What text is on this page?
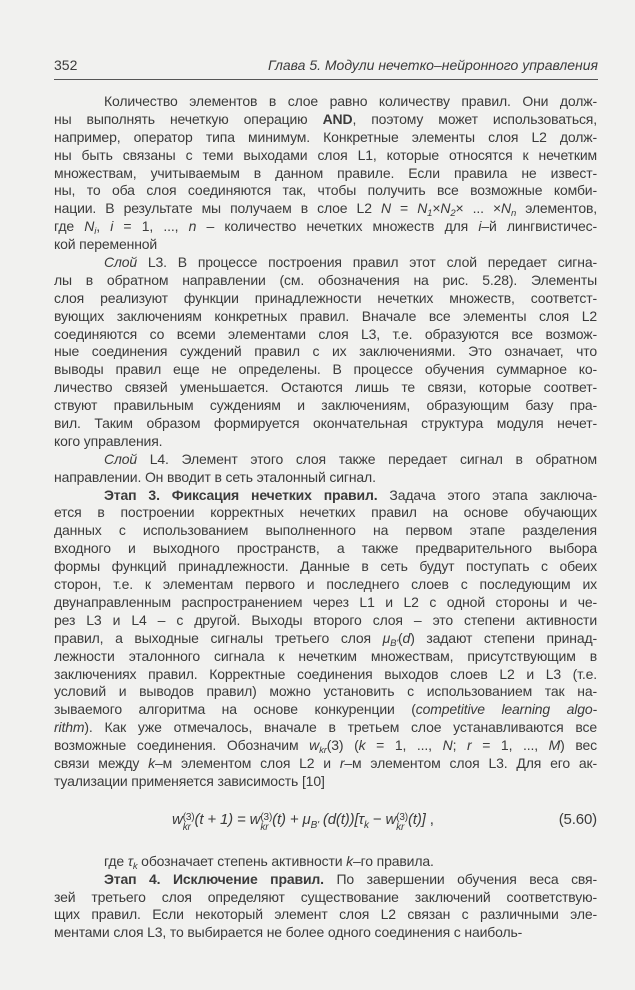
352	Глава 5. Модули нечетко–нейронного управления
Количество элементов в слое равно количеству правил. Они долж-
ны выполнять нечеткую операцию AND, поэтому может использоваться,
например, оператор типа минимум. Конкретные элементы слоя L2 долж-
ны быть связаны с теми выходами слоя L1, которые относятся к нечетким
множествам, учитываемым в данном правиле. Если правила не извест-
ны, то оба слоя соединяются так, чтобы получить все возможные комби-
нации. В результате мы получаем в слое L2 $N = N_1\times N_2\times$ ... $\times N_n$ элементов,
где $N_i$, i = 1, ..., n – количество нечетких множеств для i–й лингвистичес-
кой переменной
Слой L3. В процессе построения правил этот слой передает сигна-
лы в обратном направлении (см. обозначения на рис. 5.28). Элементы
слоя реализуют функции принадлежности нечетких множеств, соответст-
вующих заключениям конкретных правил. Вначале все элементы слоя L2
соединяются со всеми элементами слоя L3, т.е. образуются все возмож-
ные соединения суждений правил с их заключениями. Это означает, что
выводы правил еще не определены. В процессе обучения суммарное ко-
личество связей уменьшается. Остаются лишь те связи, которые соответ-
ствуют правильным суждениям и заключениям, образующим базу пра-
вил. Таким образом формируется окончательная структура модуля нечет-
кого управления.
Слой L4. Элемент этого слоя также передает сигнал в обратном
направлении. Он вводит в сеть эталонный сигнал.
Этап 3. Фиксация нечетких правил. Задача этого этапа заключа-
ется в построении корректных нечетких правил на основе обучающих
данных с использованием выполненного на первом этапе разделения
входного и выходного пространств, а также предварительного выбора
формы функций принадлежности. Данные в сеть будут поступать с обеих
сторон, т.е. к элементам первого и последнего слоев с последующим их
двунаправленным распространением через L1 и L2 с одной стороны и че-
рез L3 и L4 – с другой. Выходы второго слоя – это степени активности
правил, а выходные сигналы третьего слоя $\mu_{B'}(d)$ задают степени принад-
лежности эталонного сигнала к нечетким множествам, присутствующим в
заключениях правил. Корректные соединения выходов слоев L2 и L3 (т.е.
условий и выводов правил) можно установить с использованием так на-
зываемого алгоритма на основе конкуренции (competitive learning algo-
rithm). Как уже отмечалось, вначале в третьем слое устанавливаются все
возможные соединения. Обозначим $w_{kr}(3) (k = 1$, ..., N; r = 1, ..., M) вес
связи между k–м элементом слоя L2 и r–м элементом слоя L3. Для его ак-
туализации применяется зависимость [10]
w (3)
kr (t + 1) = w (3)
kr $(t) + \mu_{B'}$ $(d(t))[\tau_k - w$ (3)
kr (t)] ,	(5.60)
где $\tau_k$ обозначает степень активности k–го правила.
Этап 4. Исключение правил. По завершении обучения веса свя-
зей третьего слоя определяют существование заключений соответствую-
щих правил. Если некоторый элемент слоя L2 связан с различными эле-
ментами слоя L3, то выбирается не более одного соединения с наиболь-
